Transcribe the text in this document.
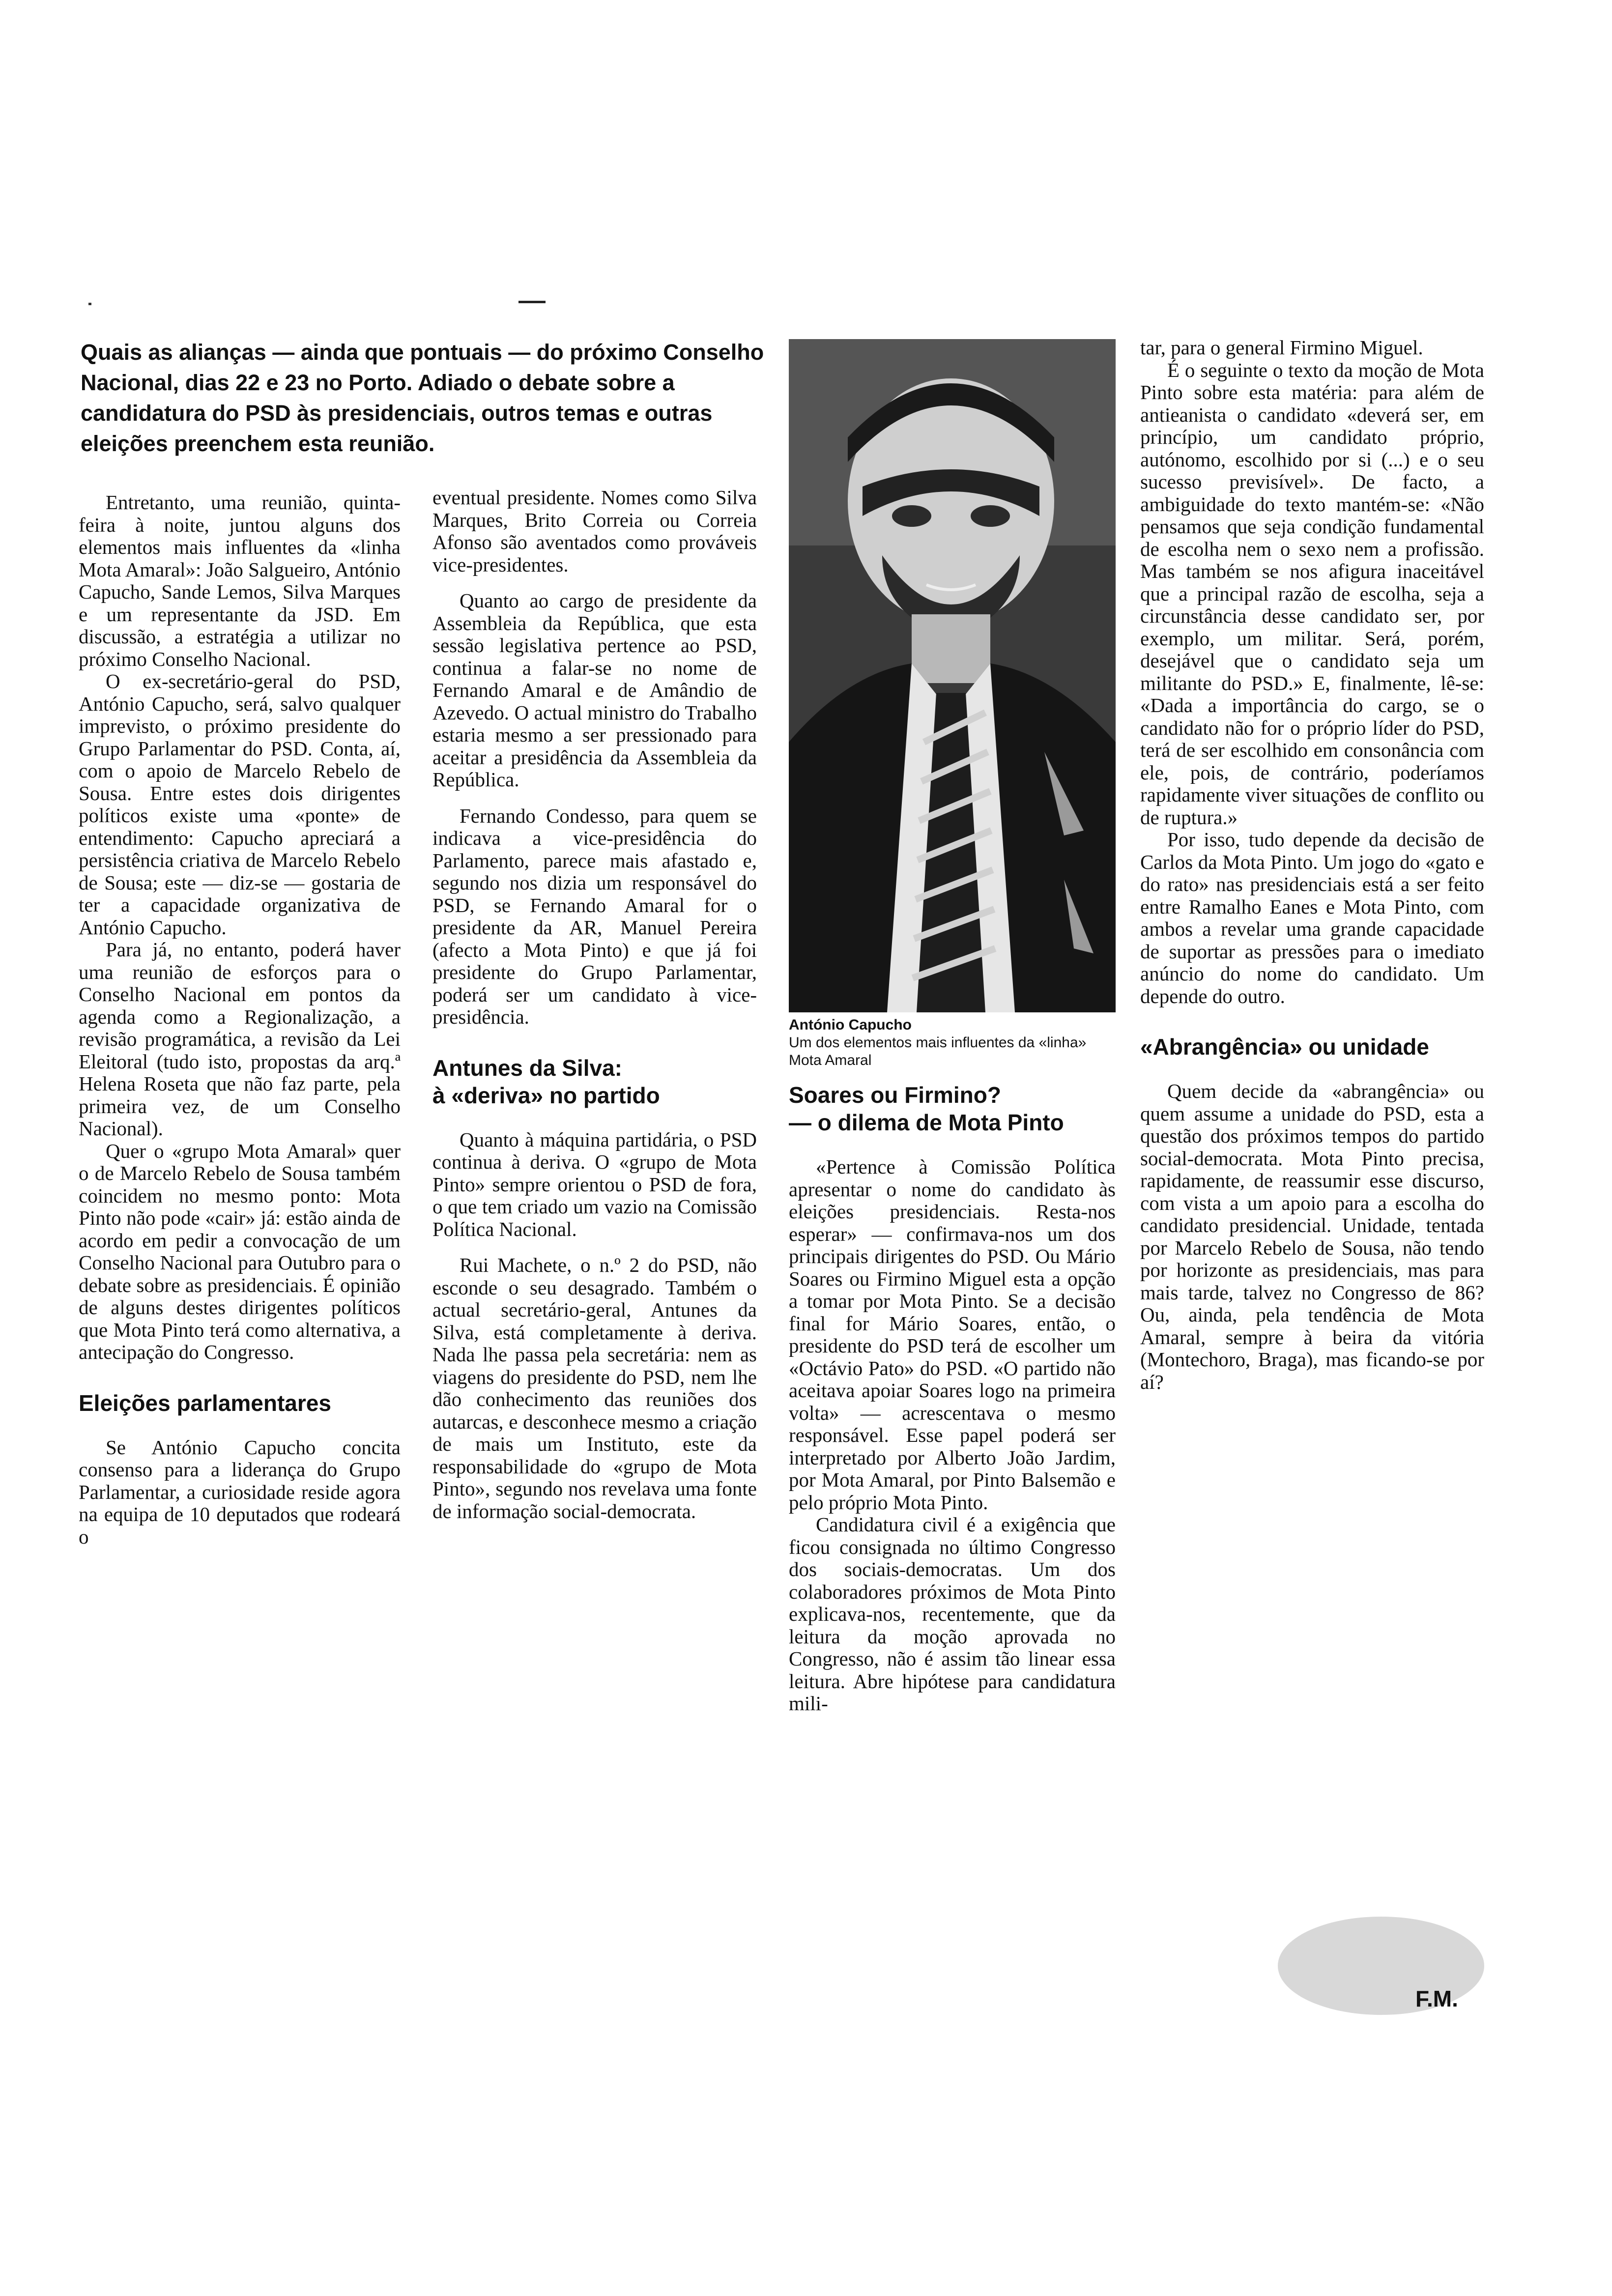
Quais as alianças — ainda que pontuais — do próximo Conselho Nacional, dias 22 e 23 no Porto. Adiado o debate sobre a candidatura do PSD às presidenciais, outros temas e outras eleições preenchem esta reunião.

Entretanto, uma reunião, quinta-feira à noite, juntou alguns dos elementos mais influentes da «linha Mota Amaral»: João Salgueiro, António Capucho, Sande Lemos, Silva Marques e um representante da JSD. Em discussão, a estratégia a utilizar no próximo Conselho Nacional.

O ex-secretário-geral do PSD, António Capucho, será, salvo qualquer imprevisto, o próximo presidente do Grupo Parlamentar do PSD. Conta, aí, com o apoio de Marcelo Rebelo de Sousa. Entre estes dois dirigentes políticos existe uma «ponte» de entendimento: Capucho apreciará a persistência criativa de Marcelo Rebelo de Sousa; este — diz-se — gostaria de ter a capacidade organizativa de António Capucho.

Para já, no entanto, poderá haver uma reunião de esforços para o Conselho Nacional em pontos da agenda como a Regionalização, a revisão programática, a revisão da Lei Eleitoral (tudo isto, propostas da arq.ª Helena Roseta que não faz parte, pela primeira vez, de um Conselho Nacional).

Quer o «grupo Mota Amaral» quer o de Marcelo Rebelo de Sousa também coincidem no mesmo ponto: Mota Pinto não pode «cair» já: estão ainda de acordo em pedir a convocação de um Conselho Nacional para Outubro para o debate sobre as presidenciais. É opinião de alguns destes dirigentes políticos que Mota Pinto terá como alternativa, a antecipação do Congresso.

Eleições parlamentares

Se António Capucho concita consenso para a liderança do Grupo Parlamentar, a curiosidade reside agora na equipa de 10 deputados que rodeará o

eventual presidente. Nomes como Silva Marques, Brito Correia ou Correia Afonso são aventados como prováveis vice-presidentes.

Quanto ao cargo de presidente da Assembleia da República, que esta sessão legislativa pertence ao PSD, continua a falar-se no nome de Fernando Amaral e de Amândio de Azevedo. O actual ministro do Trabalho estaria mesmo a ser pressionado para aceitar a presidência da Assembleia da República.

Fernando Condesso, para quem se indicava a vice-presidência do Parlamento, parece mais afastado e, segundo nos dizia um responsável do PSD, se Fernando Amaral for o presidente da AR, Manuel Pereira (afecto a Mota Pinto) e que já foi presidente do Grupo Parlamentar, poderá ser um candidato à vice-presidência.

Antunes da Silva:
à «deriva» no partido

Quanto à máquina partidária, o PSD continua à deriva. O «grupo de Mota Pinto» sempre orientou o PSD de fora, o que tem criado um vazio na Comissão Política Nacional.

Rui Machete, o n.º 2 do PSD, não esconde o seu desagrado. Também o actual secretário-geral, Antunes da Silva, está completamente à deriva. Nada lhe passa pela secretária: nem as viagens do presidente do PSD, nem lhe dão conhecimento das reuniões dos autarcas, e desconhece mesmo a criação de mais um Instituto, este da responsabilidade do «grupo de Mota Pinto», segundo nos revelava uma fonte de informação social-democrata.

António Capucho
Um dos elementos mais influentes da «linha» Mota Amaral
Soares ou Firmino?
— o dilema de Mota Pinto

«Pertence à Comissão Política apresentar o nome do candidato às eleições presidenciais. Resta-nos esperar» — confirmava-nos um dos principais dirigentes do PSD. Ou Mário Soares ou Firmino Miguel esta a opção a tomar por Mota Pinto. Se a decisão final for Mário Soares, então, o presidente do PSD terá de escolher um «Octávio Pato» do PSD. «O partido não aceitava apoiar Soares logo na primeira volta» — acrescentava o mesmo responsável. Esse papel poderá ser interpretado por Alberto João Jardim, por Mota Amaral, por Pinto Balsemão e pelo próprio Mota Pinto.

Candidatura civil é a exigência que ficou consignada no último Congresso dos sociais-democratas. Um dos colaboradores próximos de Mota Pinto explicava-nos, recentemente, que da leitura da moção aprovada no Congresso, não é assim tão linear essa leitura. Abre hipótese para candidatura mili-

tar, para o general Firmino Miguel.

É o seguinte o texto da moção de Mota Pinto sobre esta matéria: para além de antieanista o candidato «deverá ser, em princípio, um candidato próprio, autónomo, escolhido por si (...) e o seu sucesso previsível». De facto, a ambiguidade do texto mantém-se: «Não pensamos que seja condição fundamental de escolha nem o sexo nem a profissão. Mas também se nos afigura inaceitável que a principal razão de escolha, seja a circunstância desse candidato ser, por exemplo, um militar. Será, porém, desejável que o candidato seja um militante do PSD.» E, finalmente, lê-se: «Dada a importância do cargo, se o candidato não for o próprio líder do PSD, terá de ser escolhido em consonância com ele, pois, de contrário, poderíamos rapidamente viver situações de conflito ou de ruptura.»

Por isso, tudo depende da decisão de Carlos da Mota Pinto. Um jogo do «gato e do rato» nas presidenciais está a ser feito entre Ramalho Eanes e Mota Pinto, com ambos a revelar uma grande capacidade de suportar as pressões para o imediato anúncio do nome do candidato. Um depende do outro.

«Abrangência» ou unidade

Quem decide da «abrangência» ou quem assume a unidade do PSD, esta a questão dos próximos tempos do partido social-democrata. Mota Pinto precisa, rapidamente, de reassumir esse discurso, com vista a um apoio para a escolha do candidato presidencial. Unidade, tentada por Marcelo Rebelo de Sousa, não tendo por horizonte as presidenciais, mas para mais tarde, talvez no Congresso de 86? Ou, ainda, pela tendência de Mota Amaral, sempre à beira da vitória (Montechoro, Braga), mas ficando-se por aí?

F.M.
